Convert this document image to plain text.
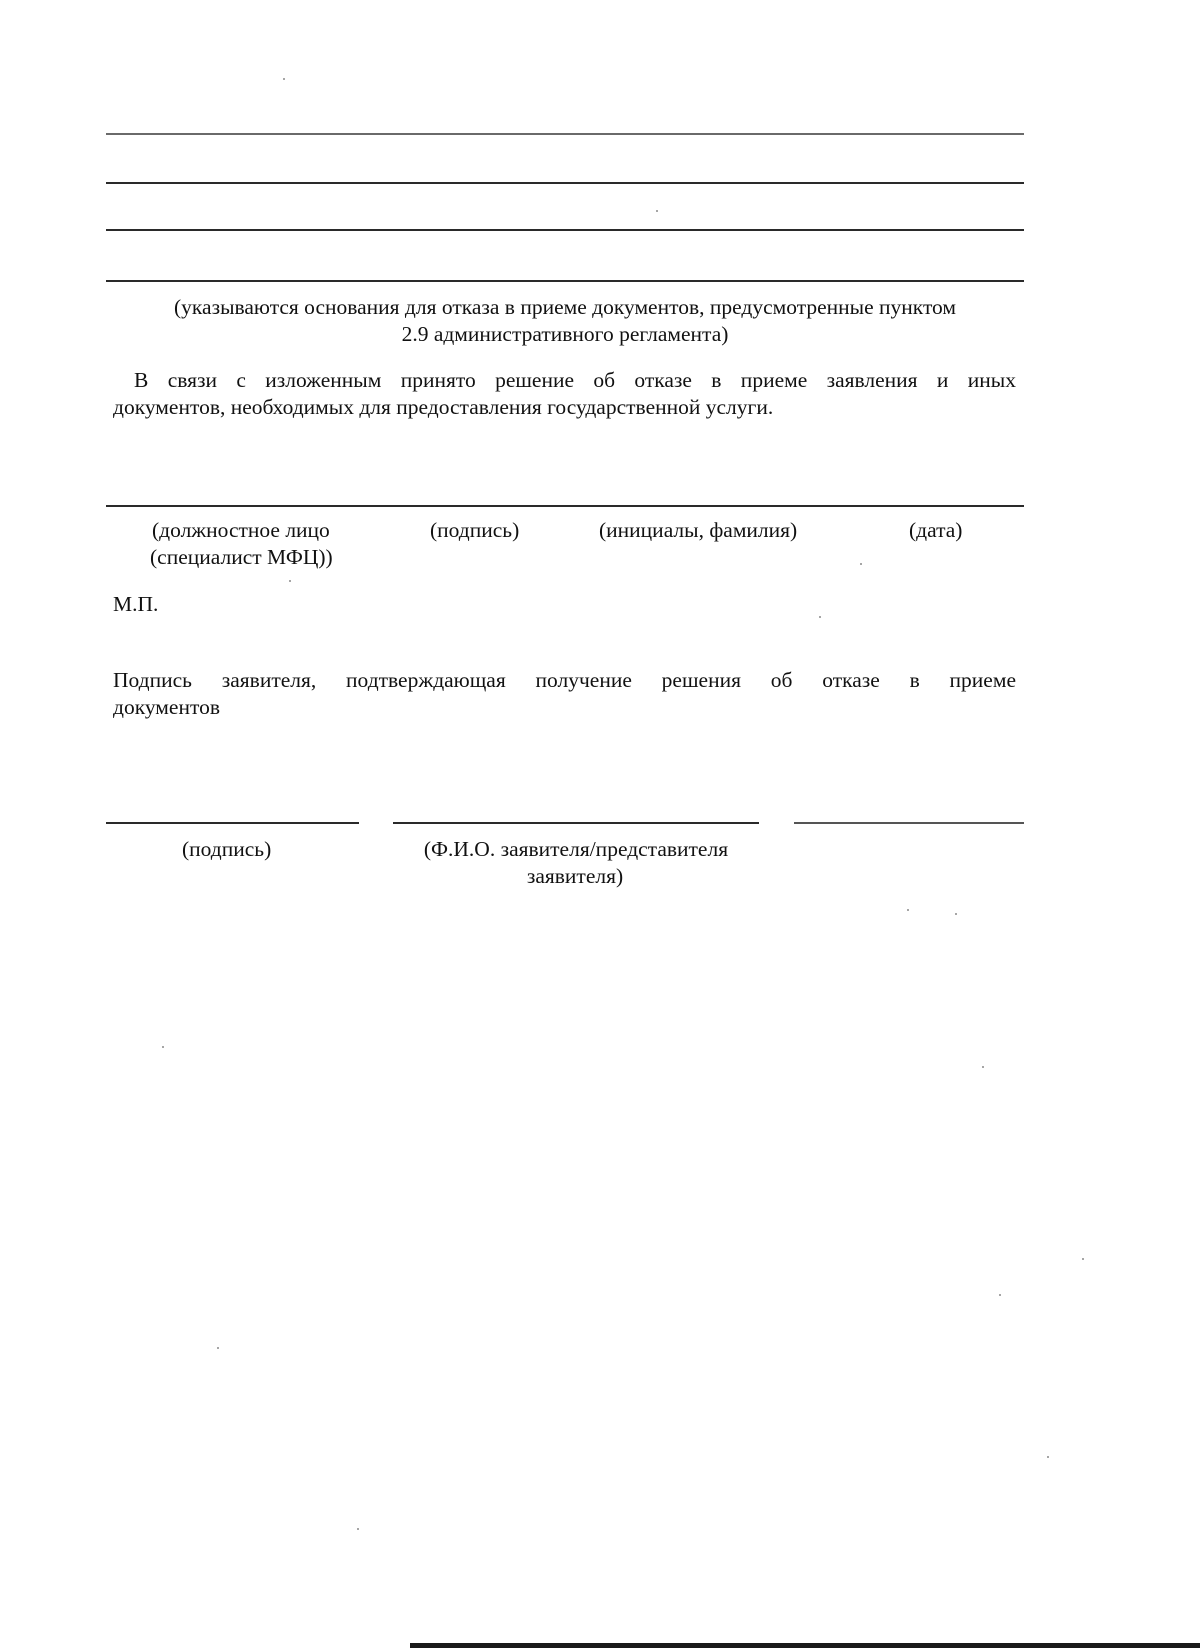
(указываются основания для отказа в приеме документов, предусмотренные пунктом

2.9 административного регламента)

В связи с изложенным принято решение об отказе в приеме заявления и иных

документов, необходимых для предоставления государственной услуги.

(должностное лицо

(специалист МФЦ))

(подпись)	(инициалы, фамилия)	(дата)

М.П.

Подпись заявителя, подтверждающая получение решения об отказе в приеме

документов

(подпись)	(Ф.И.О. заявителя/представителя

заявителя)
